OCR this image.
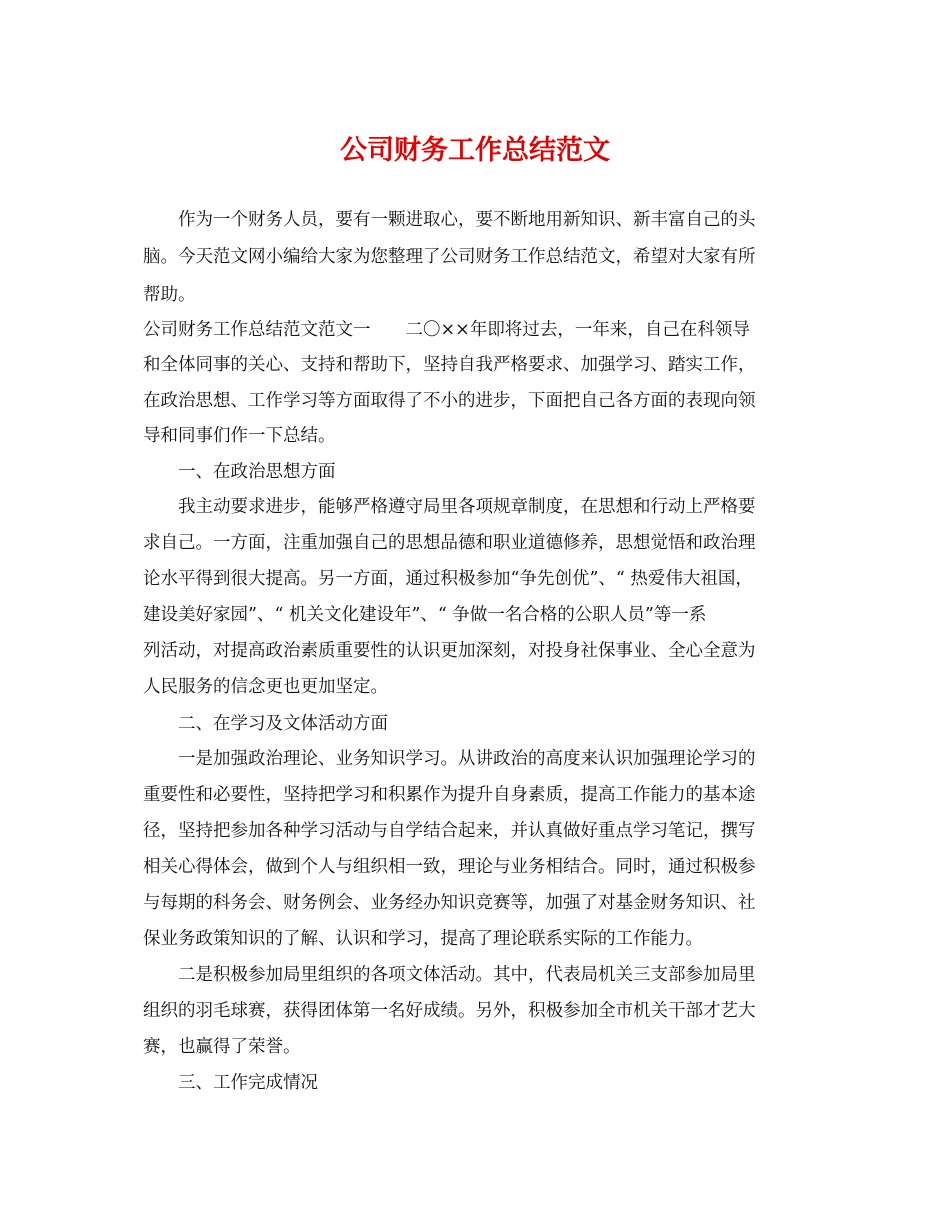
公司财务工作总结范文
作为一个财务人员，要有一颗进取心，要不断地用新知识、新丰富自己的头
脑。今天范文网小编给大家为您整理了公司财务工作总结范文，希望对大家有所
帮助。
公司财务工作总结范文范文一　　二〇××年即将过去，一年来，自己在科领导
和全体同事的关心、支持和帮助下，坚持自我严格要求、加强学习、踏实工作，
在政治思想、工作学习等方面取得了不小的进步，下面把自己各方面的表现向领
导和同事们作一下总结。
一、在政治思想方面
我主动要求进步，能够严格遵守局里各项规章制度，在思想和行动上严格要
求自己。一方面，注重加强自己的思想品德和职业道德修养，思想觉悟和政治理
论水平得到很大提高。另一方面，通过积极参加“争先创优”、“ 热爱伟大祖国，
建设美好家园”、“ 机关文化建设年”、“ 争做一名合格的公职人员”等一系
列活动，对提高政治素质重要性的认识更加深刻，对投身社保事业、全心全意为
人民服务的信念更也更加坚定。
二、在学习及文体活动方面
一是加强政治理论、业务知识学习。从讲政治的高度来认识加强理论学习的
重要性和必要性，坚持把学习和积累作为提升自身素质，提高工作能力的基本途
径，坚持把参加各种学习活动与自学结合起来，并认真做好重点学习笔记，撰写
相关心得体会，做到个人与组织相一致，理论与业务相结合。同时，通过积极参
与每期的科务会、财务例会、业务经办知识竞赛等，加强了对基金财务知识、社
保业务政策知识的了解、认识和学习，提高了理论联系实际的工作能力。
二是积极参加局里组织的各项文体活动。其中，代表局机关三支部参加局里
组织的羽毛球赛，获得团体第一名好成绩。另外，积极参加全市机关干部才艺大
赛，也赢得了荣誉。
三、工作完成情况
